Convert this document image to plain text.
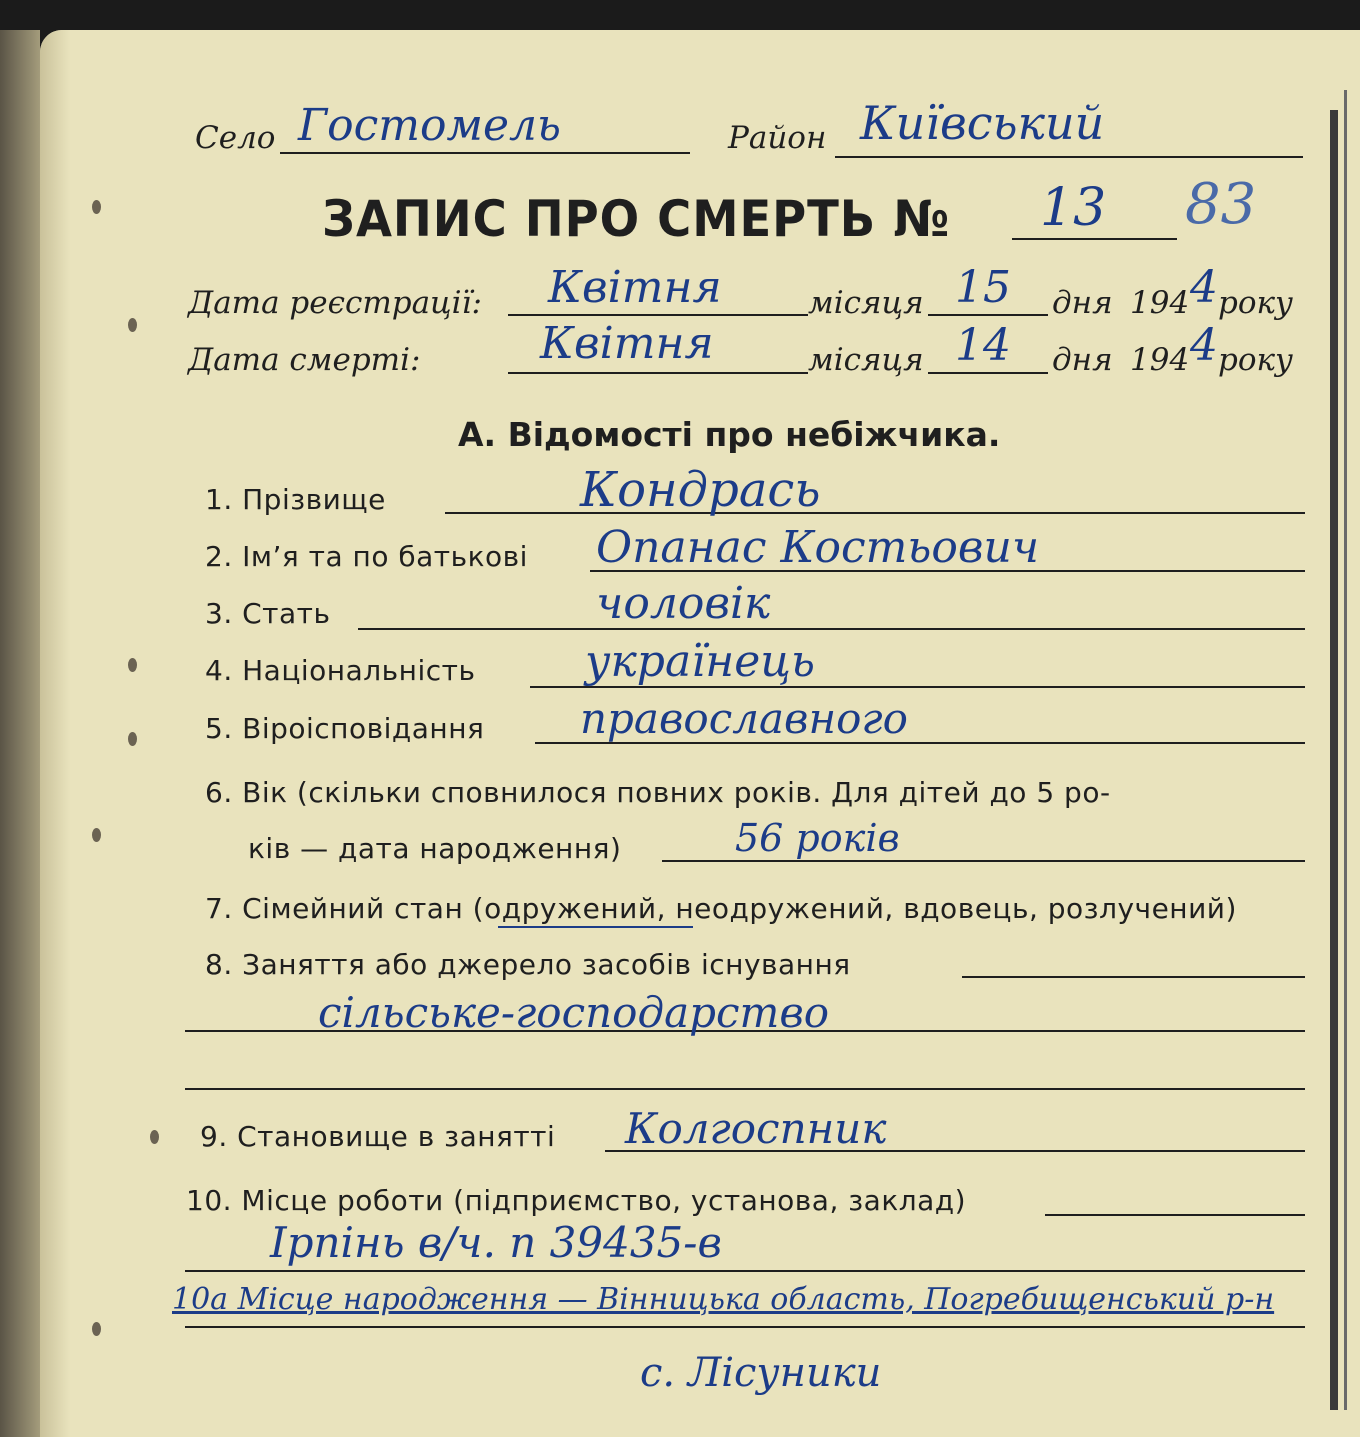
Село Гостомель	Район Київський
ЗАПИС ПРО СМЕРТЬ № 13 83
Дата реєстрації: Квітня	місяця 15 дня 194 4 року
Дата смерті:	Квітня	місяця 14 дня 194 4 року
А. Відомості про небіжчика.
1. Прізвище	Кондрась
2. Ім’я та по батькові Опанас Костьович
3. Стать	чоловік
4. Національність українець
5. Віроісповідання православного
6. Вік (скільки сповнилося повних років. Для дітей до 5 ро-
ків — дата народження)	56 років
7. Сімейний стан (одружений, неодружений, вдовець, розлучений)
8. Заняття або джерело засобів існування
сільське-господарство
9. Становище в занятті Колгоспник
10. Місце роботи (підприємство, установа, заклад)
Ірпінь в/ч. п 39435-в
10а Місце народження — Вінницька область, Погребищенський р-н
с. Лісуники
